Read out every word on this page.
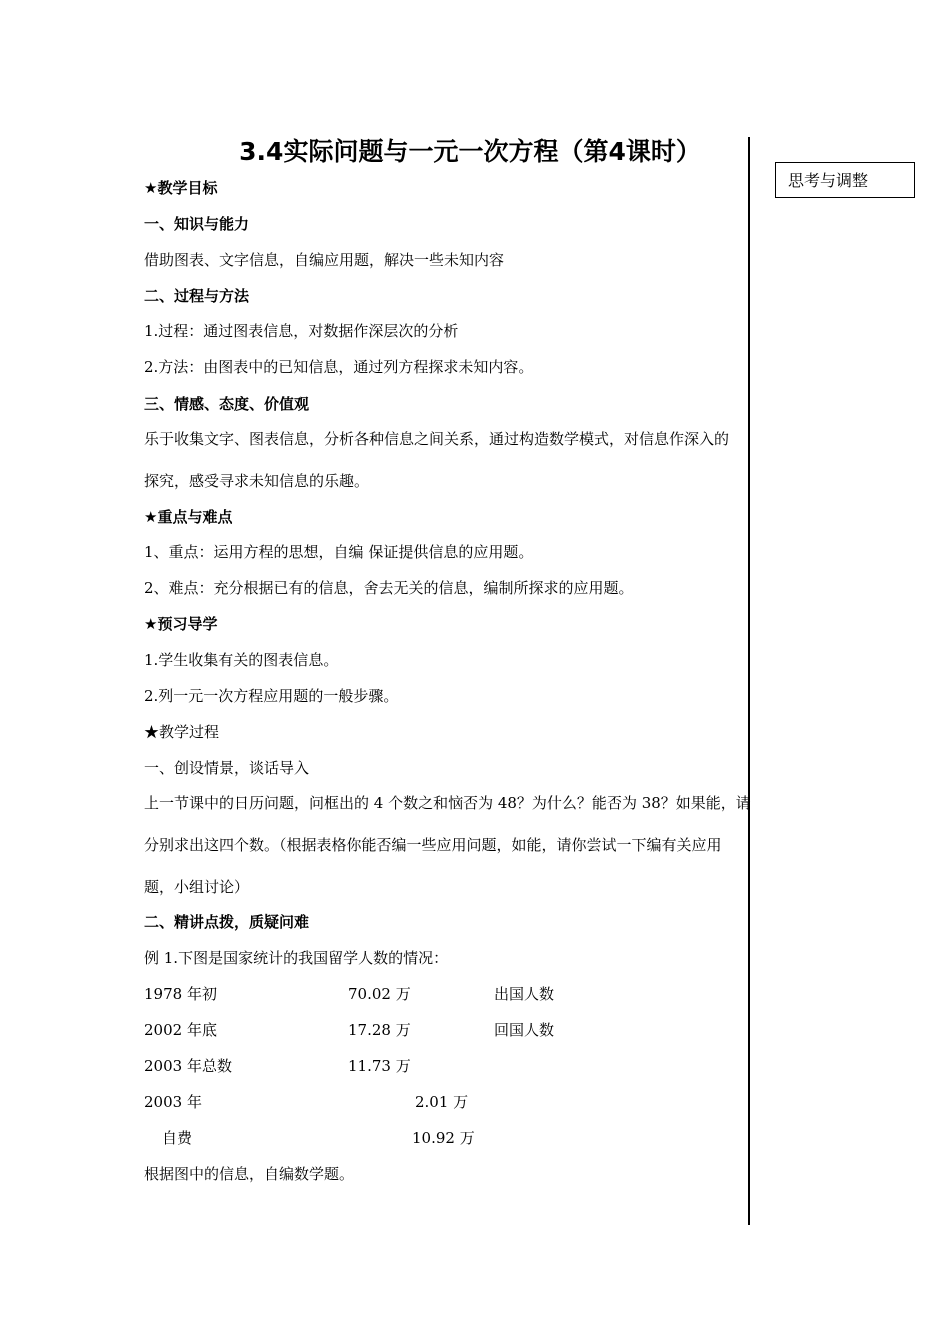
3.4实际问题与一元一次方程（第4课时）
思考与调整
★教学目标
一、知识与能力
借助图表、文字信息，自编应用题，解决一些未知内容
二、过程与方法
1.过程：通过图表信息，对数据作深层次的分析
2.方法：由图表中的已知信息，通过列方程探求未知内容。
三、情感、态度、价值观
乐于收集文字、图表信息，分析各种信息之间关系，通过构造数学模式，对信息作深入的
探究，感受寻求未知信息的乐趣。
★重点与难点
1、重点：运用方程的思想，自编 保证提供信息的应用题。
2、难点：充分根据已有的信息，舍去无关的信息，编制所探求的应用题。
★预习导学
1.学生收集有关的图表信息。
2.列一元一次方程应用题的一般步骤。
★教学过程
一、创设情景，谈话导入
上一节课中的日历问题，问框出的 4 个数之和恼否为 48？为什么？能否为 38？如果能，请
分别求出这四个数。（根据表格你能否编一些应用问题，如能，请你尝试一下编有关应用
题，小组讨论）
二、精讲点拨，质疑问难
例 1.下图是国家统计的我国留学人数的情况：
1978 年初	70.02 万	出国人数
2002 年底	17.28 万	回国人数
2003 年总数	11.73 万
2003 年	2.01 万
自费	10.92 万
根据图中的信息，自编数学题。
